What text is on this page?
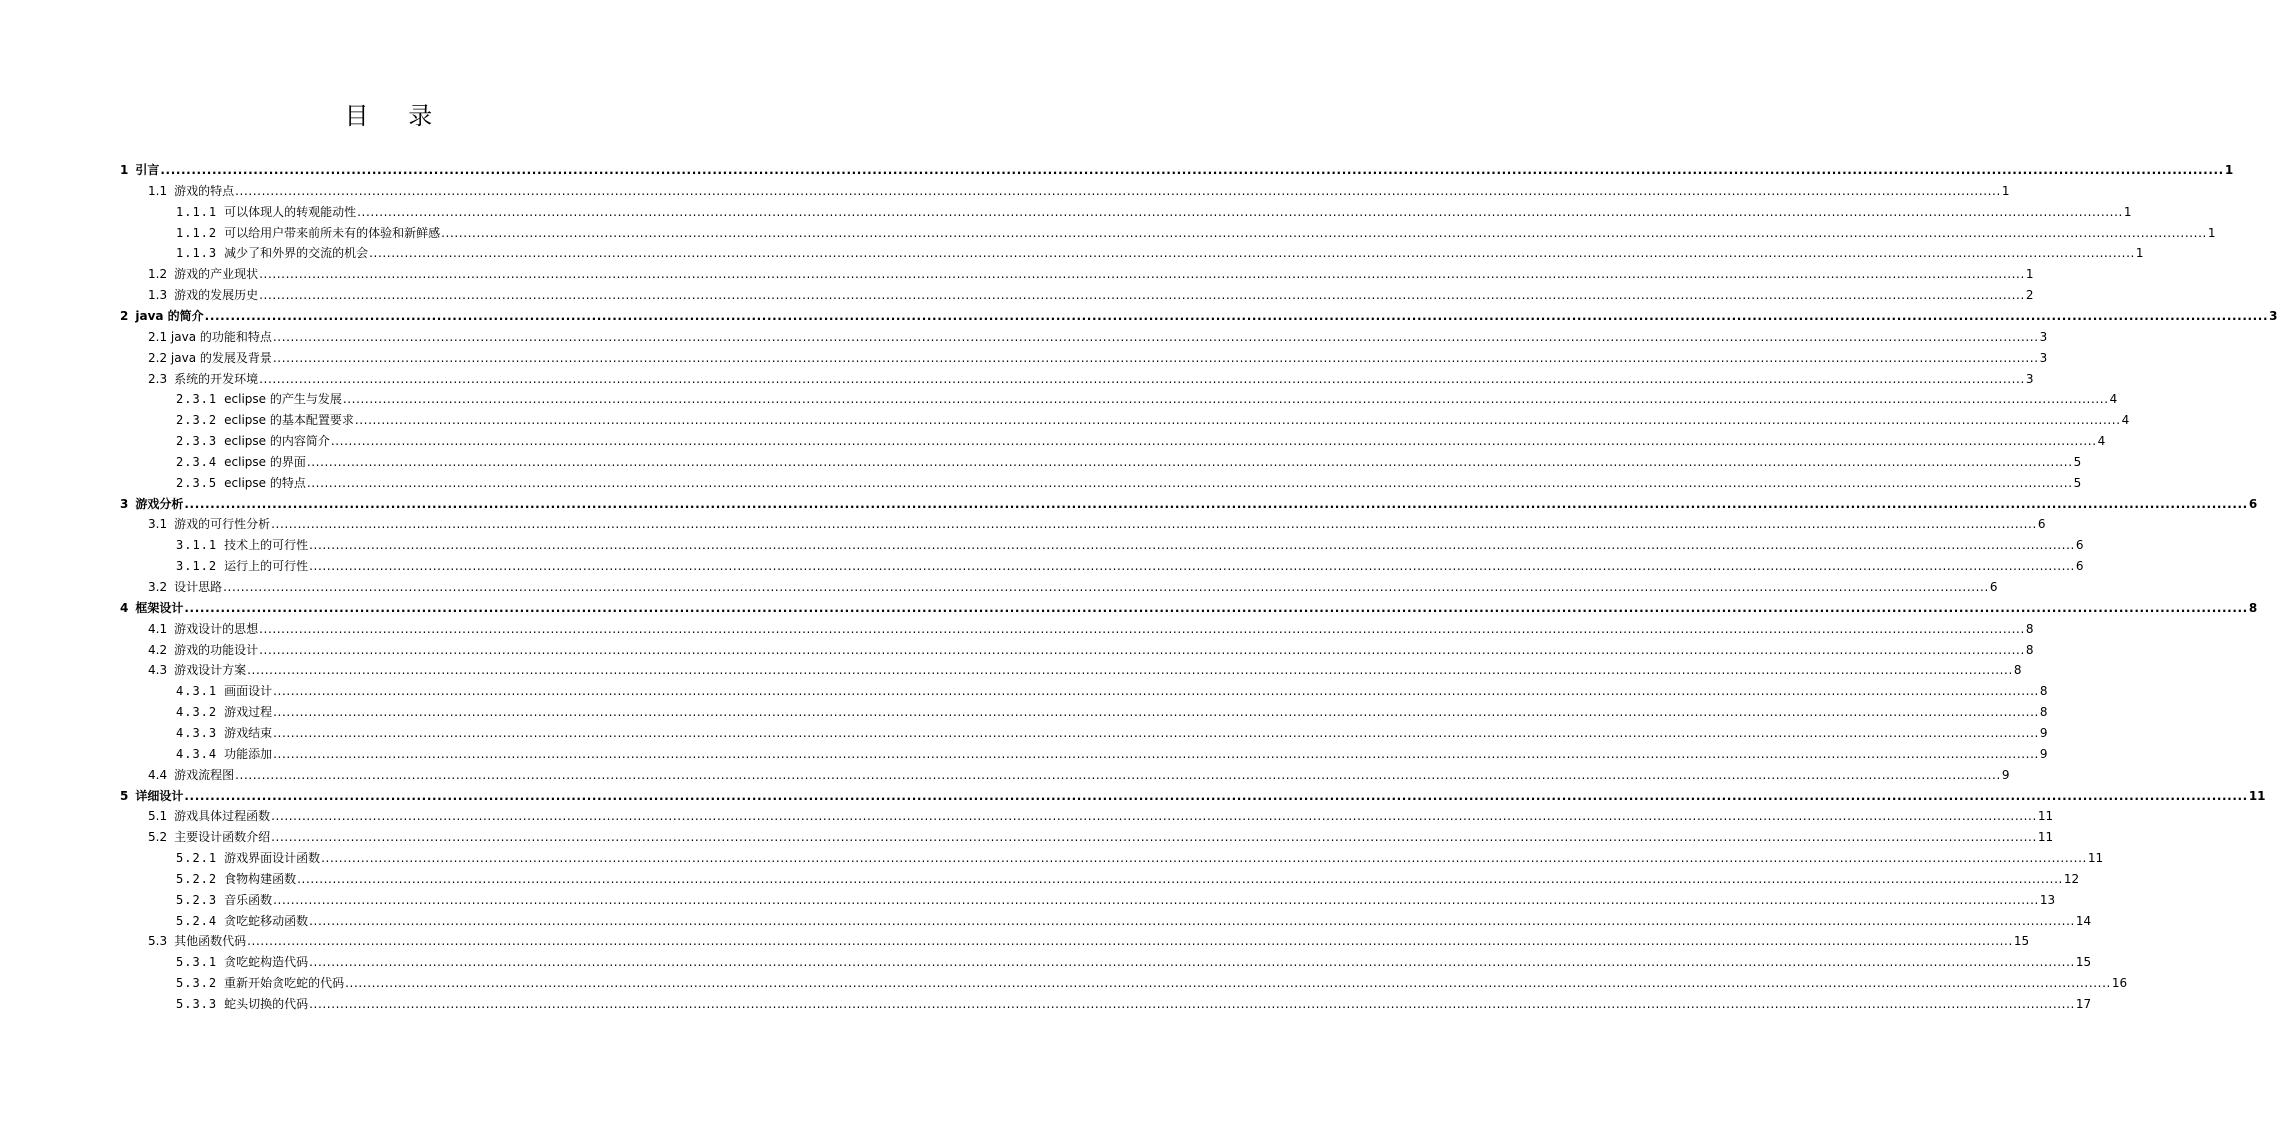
目 录
1 引言 ................................................................................................................................................................................................................................................................................................................................................................................................................ 1
1.1 游戏的特点 ................................................................................................................................................................................................................................................................................................................................................................................................................ 1
1.1.1 可以体现人的转观能动性 ................................................................................................................................................................................................................................................................................................................................................................................................................ 1
1.1.2 可以给用户带来前所未有的体验和新鲜感 ................................................................................................................................................................................................................................................................................................................................................................................................................ 1
1.1.3 减少了和外界的交流的机会 ................................................................................................................................................................................................................................................................................................................................................................................................................ 1
1.2 游戏的产业现状 ................................................................................................................................................................................................................................................................................................................................................................................................................ 1
1.3 游戏的发展历史 ................................................................................................................................................................................................................................................................................................................................................................................................................ 2
2 java 的简介 ................................................................................................................................................................................................................................................................................................................................................................................................................ 3
2.1 java 的功能和特点 ................................................................................................................................................................................................................................................................................................................................................................................................................ 3
2.2 java 的发展及背景 ................................................................................................................................................................................................................................................................................................................................................................................................................ 3
2.3 系统的开发环境 ................................................................................................................................................................................................................................................................................................................................................................................................................ 3
2.3.1 eclipse 的产生与发展 ................................................................................................................................................................................................................................................................................................................................................................................................................ 4
2.3.2 eclipse 的基本配置要求 ................................................................................................................................................................................................................................................................................................................................................................................................................ 4
2.3.3 eclipse 的内容简介 ................................................................................................................................................................................................................................................................................................................................................................................................................ 4
2.3.4 eclipse 的界面 ................................................................................................................................................................................................................................................................................................................................................................................................................ 5
2.3.5 eclipse 的特点 ................................................................................................................................................................................................................................................................................................................................................................................................................ 5
3 游戏分析 ................................................................................................................................................................................................................................................................................................................................................................................................................ 6
3.1 游戏的可行性分析 ................................................................................................................................................................................................................................................................................................................................................................................................................ 6
3.1.1 技术上的可行性 ................................................................................................................................................................................................................................................................................................................................................................................................................ 6
3.1.2 运行上的可行性 ................................................................................................................................................................................................................................................................................................................................................................................................................ 6
3.2 设计思路 ................................................................................................................................................................................................................................................................................................................................................................................................................ 6
4 框架设计 ................................................................................................................................................................................................................................................................................................................................................................................................................ 8
4.1 游戏设计的思想 ................................................................................................................................................................................................................................................................................................................................................................................................................ 8
4.2 游戏的功能设计 ................................................................................................................................................................................................................................................................................................................................................................................................................ 8
4.3 游戏设计方案 ................................................................................................................................................................................................................................................................................................................................................................................................................ 8
4.3.1 画面设计 ................................................................................................................................................................................................................................................................................................................................................................................................................ 8
4.3.2 游戏过程 ................................................................................................................................................................................................................................................................................................................................................................................................................ 8
4.3.3 游戏结束 ................................................................................................................................................................................................................................................................................................................................................................................................................ 9
4.3.4 功能添加 ................................................................................................................................................................................................................................................................................................................................................................................................................ 9
4.4 游戏流程图 ................................................................................................................................................................................................................................................................................................................................................................................................................ 9
5 详细设计 ................................................................................................................................................................................................................................................................................................................................................................................................................ 11
5.1 游戏具体过程函数 ................................................................................................................................................................................................................................................................................................................................................................................................................ 11
5.2 主要设计函数介绍 ................................................................................................................................................................................................................................................................................................................................................................................................................ 11
5.2.1 游戏界面设计函数 ................................................................................................................................................................................................................................................................................................................................................................................................................ 11
5.2.2 食物构建函数 ................................................................................................................................................................................................................................................................................................................................................................................................................ 12
5.2.3 音乐函数 ................................................................................................................................................................................................................................................................................................................................................................................................................ 13
5.2.4 贪吃蛇移动函数 ................................................................................................................................................................................................................................................................................................................................................................................................................ 14
5.3 其他函数代码 ................................................................................................................................................................................................................................................................................................................................................................................................................ 15
5.3.1 贪吃蛇构造代码 ................................................................................................................................................................................................................................................................................................................................................................................................................ 15
5.3.2 重新开始贪吃蛇的代码 ................................................................................................................................................................................................................................................................................................................................................................................................................ 16
5.3.3 蛇头切换的代码 ................................................................................................................................................................................................................................................................................................................................................................................................................ 17
